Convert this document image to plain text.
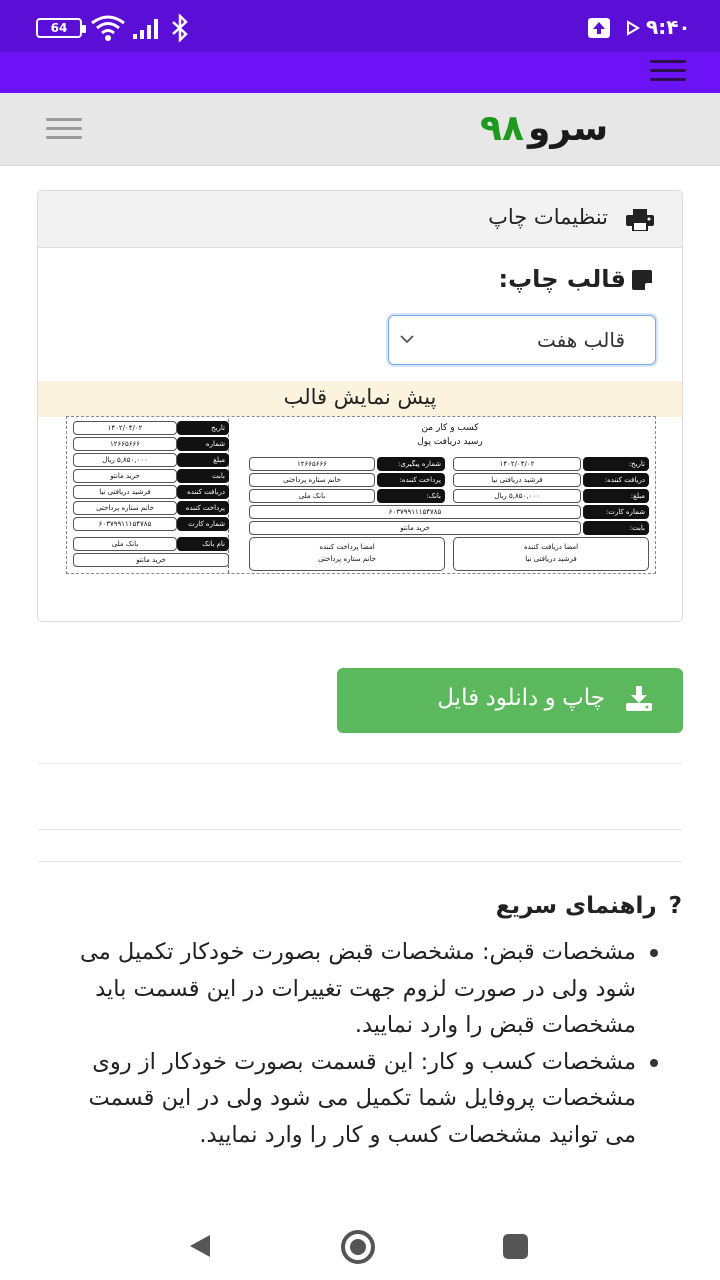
64	۹:۴۰
سرو۹۸
تنظیمات چاپ
قالب چاپ:
قالب هفت
پیش نمایش قالب
۱۴۰۲/۰۴/۰۲	تاریخ
۱۲۶۶۵۶۶۶	شماره
۵,۸۵۰,۰۰۰ ریال	مبلغ
خرید مانتو	بابت
فرشید دریافتی نیا	دریافت کننده
خانم ستاره پرداختی	پرداخت کننده
۶۰۳۷۹۹۱۱۱۵۴۷۸۵	شماره کارت
بانک ملی	نام بانک
خرید مانتو
کسب و کار من
رسید دریافت پول
۱۴۰۲/۰۴/۰۲	تاریخ:
۱۲۶۶۵۶۶۶	شماره پیگیری:
فرشید دریافتی نیا	دریافت کننده:
خانم ستاره پرداختی	پرداخت کننده:
۵,۸۵۰,۰۰۰ ریال	مبلغ:
بانک ملی	بانک:
۶۰۳۷۹۹۱۱۱۵۴۷۸۵	شماره کارت:
خرید مانتو	بابت:
امضا دریافت کننده
فرشید دریافتی نیا
امضا پرداخت کننده
خانم ستاره پرداختی
چاپ و دانلود فایل
?راهنمای سریع
مشخصات قبض: مشخصات قبض بصورت خودکار تکمیل می شود ولی در صورت لزوم جهت تغییرات در این قسمت باید مشخصات قبض را وارد نمایید.
مشخصات کسب و کار: این قسمت بصورت خودکار از روی مشخصات پروفایل شما تکمیل می شود ولی در این قسمت می توانید مشخصات کسب و کار را وارد نمایید.
